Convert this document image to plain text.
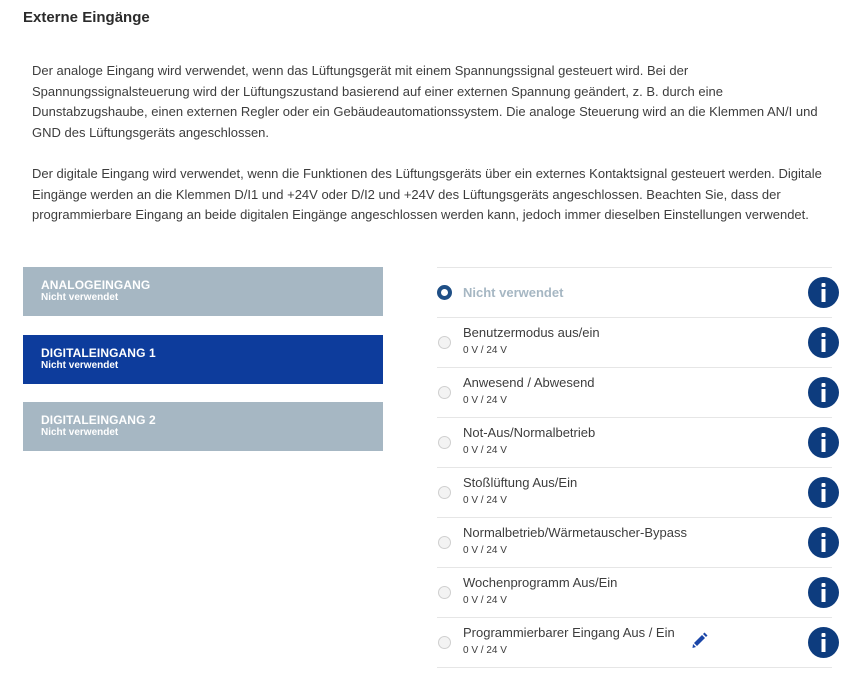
Externe Eingänge

Der analoge Eingang wird verwendet, wenn das Lüftungsgerät mit einem Spannungssignal gesteuert wird. Bei der Spannungssignalsteuerung wird der Lüftungszustand basierend auf einer externen Spannung geändert, z. B. durch eine Dunstabzugshaube, einen externen Regler oder ein Gebäudeautomationssystem. Die analoge Steuerung wird an die Klemmen AN/I und GND des Lüftungsgeräts angeschlossen.

Der digitale Eingang wird verwendet, wenn die Funktionen des Lüftungsgeräts über ein externes Kontaktsignal gesteuert werden. Digitale Eingänge werden an die Klemmen D/I1 und +24V oder D/I2 und +24V des Lüftungsgeräts angeschlossen. Beachten Sie, dass der programmierbare Eingang an beide digitalen Eingänge angeschlossen werden kann, jedoch immer dieselben Einstellungen verwendet.

ANALOGEINGANG
Nicht verwendet
DIGITALEINGANG 1
Nicht verwendet
DIGITALEINGANG 2
Nicht verwendet
Nicht verwendet
Benutzermodus aus/ein
0 V / 24 V
Anwesend / Abwesend
0 V / 24 V
Not-Aus/Normalbetrieb
0 V / 24 V
Stoßlüftung Aus/Ein
0 V / 24 V
Normalbetrieb/Wärmetauscher-Bypass
0 V / 24 V
Wochenprogramm Aus/Ein
0 V / 24 V
Programmierbarer Eingang Aus / Ein
0 V / 24 V
